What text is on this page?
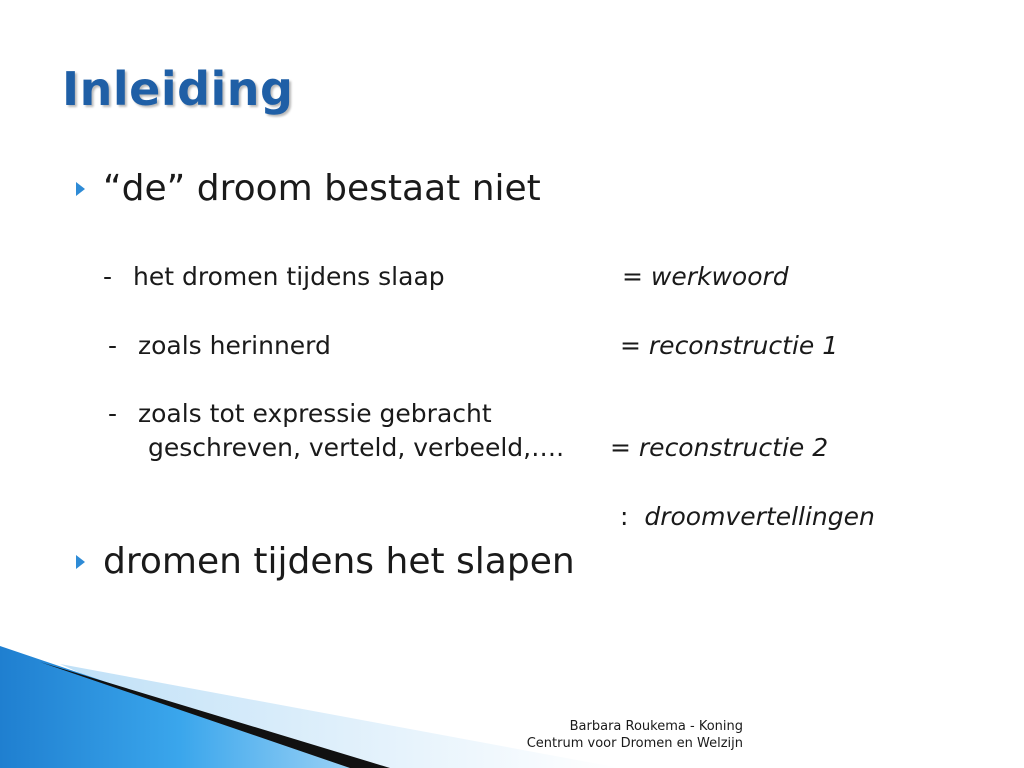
Inleiding
“de” droom bestaat niet
- het dromen tijdens slaap	= werkwoord
- zoals herinnerd	= reconstructie 1
- zoals tot expressie gebracht
geschreven, verteld, verbeeld,…. = reconstructie 2
: droomvertellingen
dromen tijdens het slapen
Barbara Roukema - Koning
Centrum voor Dromen en Welzijn
